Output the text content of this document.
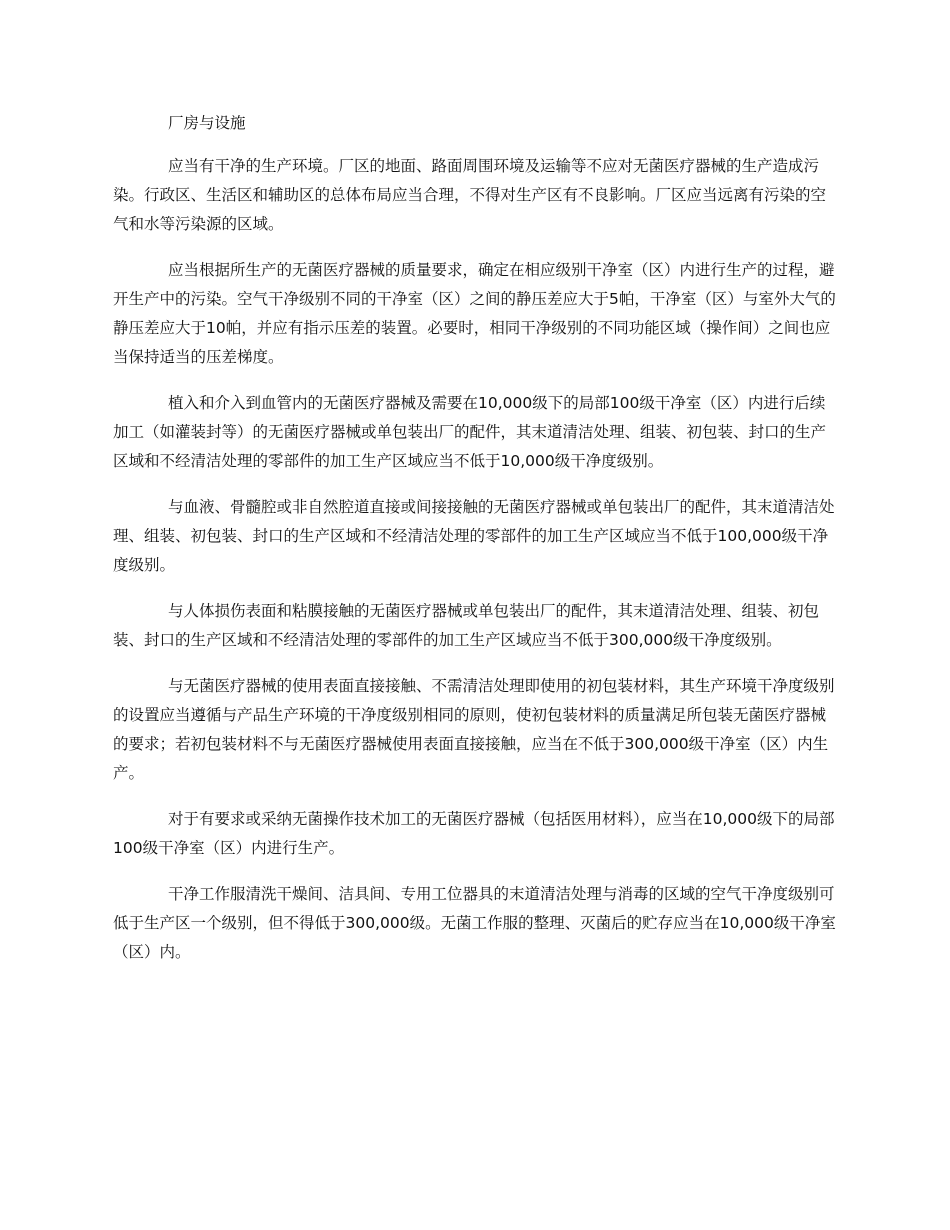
厂房与设施

应当有干净的生产环境。厂区的地面、路面周围环境及运输等不应对无菌医疗器械的生产造成污染。行政区、生活区和辅助区的总体布局应当合理，不得对生产区有不良影响。厂区应当远离有污染的空气和水等污染源的区域。

应当根据所生产的无菌医疗器械的质量要求，确定在相应级别干净室（区）内进行生产的过程，避开生产中的污染。空气干净级别不同的干净室（区）之间的静压差应大于5帕，干净室（区）与室外大气的静压差应大于10帕，并应有指示压差的装置。必要时，相同干净级别的不同功能区域（操作间）之间也应当保持适当的压差梯度。

植入和介入到血管内的无菌医疗器械及需要在10,000级下的局部100级干净室（区）内进行后续加工（如灌装封等）的无菌医疗器械或单包装出厂的配件，其末道清洁处理、组装、初包装、封口的生产区域和不经清洁处理的零部件的加工生产区域应当不低于10,000级干净度级别。

与血液、骨髓腔或非自然腔道直接或间接接触的无菌医疗器械或单包装出厂的配件，其末道清洁处理、组装、初包装、封口的生产区域和不经清洁处理的零部件的加工生产区域应当不低于100,000级干净度级别。

与人体损伤表面和粘膜接触的无菌医疗器械或单包装出厂的配件，其末道清洁处理、组装、初包装、封口的生产区域和不经清洁处理的零部件的加工生产区域应当不低于300,000级干净度级别。

与无菌医疗器械的使用表面直接接触、不需清洁处理即使用的初包装材料，其生产环境干净度级别的设置应当遵循与产品生产环境的干净度级别相同的原则，使初包装材料的质量满足所包装无菌医疗器械的要求；若初包装材料不与无菌医疗器械使用表面直接接触，应当在不低于300,000级干净室（区）内生产。

对于有要求或采纳无菌操作技术加工的无菌医疗器械（包括医用材料），应当在10,000级下的局部100级干净室（区）内进行生产。

干净工作服清洗干燥间、洁具间、专用工位器具的末道清洁处理与消毒的区域的空气干净度级别可低于生产区一个级别，但不得低于300,000级。无菌工作服的整理、灭菌后的贮存应当在10,000级干净室（区）内。
